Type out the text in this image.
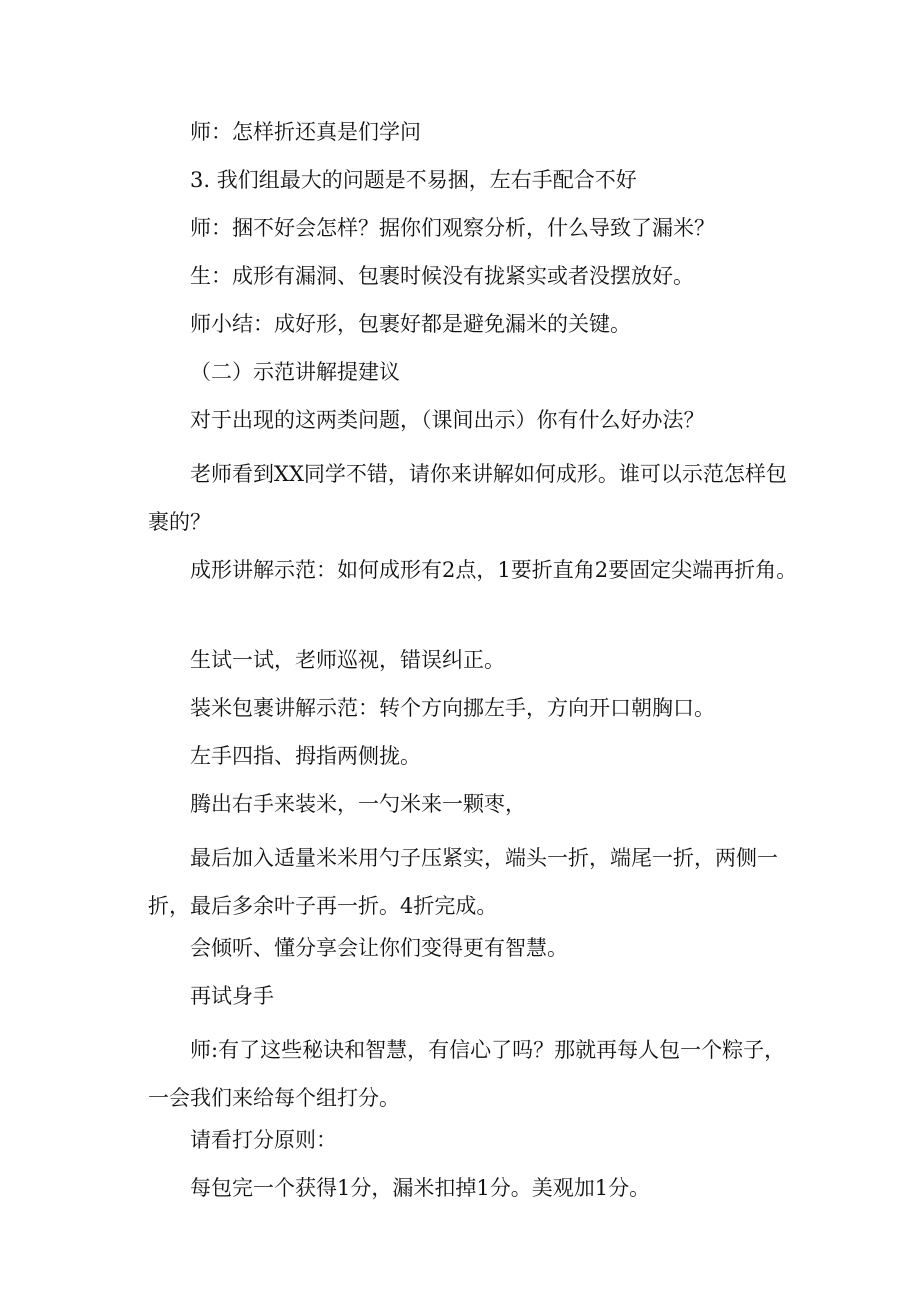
师：怎样折还真是们学问

3. 我们组最大的问题是不易捆，左右手配合不好

师：捆不好会怎样？据你们观察分析，什么导致了漏米？

生：成形有漏洞、包裹时候没有拢紧实或者没摆放好。

师小结：成好形，包裹好都是避免漏米的关键。

（二）示范讲解提建议

对于出现的这两类问题，（课间出示）你有什么好办法？

老师看到XX同学不错，请你来讲解如何成形。谁可以示范怎样包裹的？

成形讲解示范：如何成形有2点，1要折直角2要固定尖端再折角。

生试一试，老师巡视，错误纠正。

装米包裹讲解示范：转个方向挪左手，方向开口朝胸口。

左手四指、拇指两侧拢。

腾出右手来装米，一勺米来一颗枣，

最后加入适量米米用勺子压紧实，端头一折，端尾一折，两侧一折，最后多余叶子再一折。4折完成。

会倾听、懂分享会让你们变得更有智慧。

再试身手

师:有了这些秘诀和智慧，有信心了吗？那就再每人包一个粽子，一会我们来给每个组打分。

请看打分原则：

每包完一个获得1分，漏米扣掉1分。美观加1分。
